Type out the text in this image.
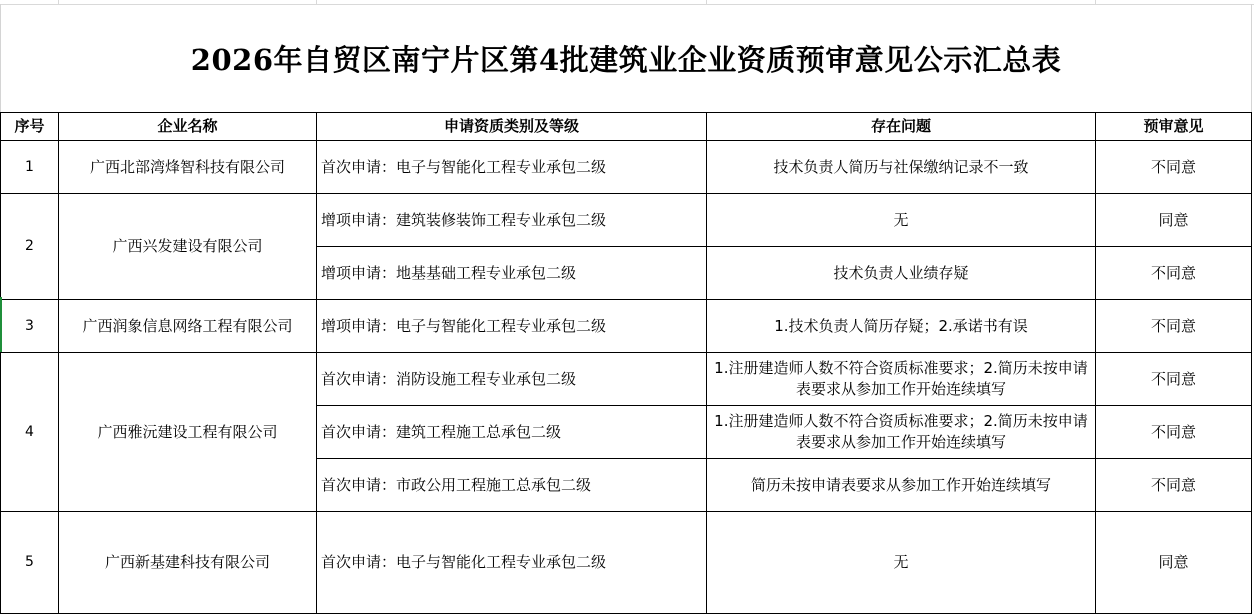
2026年自贸区南宁片区第4批建筑业企业资质预审意见公示汇总表
序号	企业名称	申请资质类别及等级	存在问题	预审意见
1	广西北部湾烽智科技有限公司	首次申请：电子与智能化工程专业承包二级	技术负责人简历与社保缴纳记录不一致	不同意
2	广西兴发建设有限公司	增项申请：建筑装修装饰工程专业承包二级	无	同意
		增项申请：地基基础工程专业承包二级	技术负责人业绩存疑	不同意
3	广西润象信息网络工程有限公司	增项申请：电子与智能化工程专业承包二级	1.技术负责人简历存疑；2.承诺书有误	不同意
4	广西雅沅建设工程有限公司	首次申请：消防设施工程专业承包二级	1.注册建造师人数不符合资质标准要求；2.简历未按申请表要求从参加工作开始连续填写	不同意
		首次申请：建筑工程施工总承包二级	1.注册建造师人数不符合资质标准要求；2.简历未按申请表要求从参加工作开始连续填写	不同意
		首次申请：市政公用工程施工总承包二级	简历未按申请表要求从参加工作开始连续填写	不同意
5	广西新基建科技有限公司	首次申请：电子与智能化工程专业承包二级	无	同意
